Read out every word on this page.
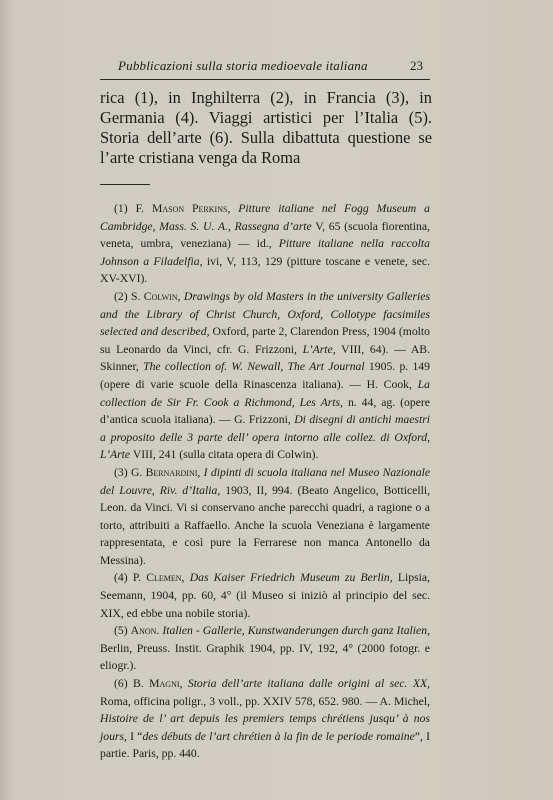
Pubblicazioni sulla storia medioevale italiana	23

rica (1), in Inghilterra (2), in Francia (3), in Germania (4). Viaggi artistici per l’Italia (5). Storia dell’arte (6). Sulla dibattuta questione se l’arte cristiana venga da Roma

(1) F. Mason Perkins, Pitture italiane nel Fogg Museum a Cambridge, Mass. S. U. A., Rassegna d’arte V, 65 (scuola fiorentina, veneta, umbra, veneziana) — id., Pitture italiane nella raccolta Johnson a Filadelfia, ivi, V, 113, 129 (pitture toscane e venete, sec. XV-XVI).

(2) S. Colwin, Drawings by old Masters in the university Galleries and the Library of Christ Church, Oxford, Collotype facsimiles selected and described, Oxford, parte 2, Clarendon Press, 1904 (molto su Leonardo da Vinci, cfr. G. Frizzoni, L’Arte, VIII, 64). — AB. Skinner, The collection of. W. Newall, The Art Journal 1905. p. 149 (opere di varie scuole della Rinascenza italiana). — H. Cook, La collection de Sir Fr. Cook a Richmond, Les Arts, n. 44, ag. (opere d’antica scuola italiana). — G. Frizzoni, Di disegni di antichi maestri a proposito delle 3 parte dell’ opera intorno alle collez. di Oxford, L’Arte VIII, 241 (sulla citata opera di Colwin).

(3) G. Bernardini, I dipinti di scuola italiana nel Museo Nazionale del Louvre, Riv. d’Italia, 1903, II, 994. (Beato Angelico, Botticelli, Leon. da Vinci. Vi si conservano anche parecchi quadri, a ragione o a torto, attribuiti a Raffaello. Anche la scuola Veneziana è largamente rappresentata, e così pure la Ferrarese non manca Antonello da Messina).

(4) P. Clemen, Das Kaiser Friedrich Museum zu Berlin, Lipsia, Seemann, 1904, pp. 60, 4° (il Museo si iniziò al principio del sec. XIX, ed ebbe una nobile storia).

(5) Anon. Italien - Gallerie, Kunstwanderungen durch ganz Italien, Berlin, Preuss. Instit. Graphik 1904, pp. IV, 192, 4° (2000 fotogr. e eliogr.).

(6) B. Magni, Storia dell’arte italiana dalle origini al sec. XX, Roma, officina poligr., 3 voll., pp. XXIV 578, 652. 980. — A. Michel, Histoire de l’ art depuis les premiers temps chrétiens jusqu’ à nos jours, I “des débuts de l’art chrétien à la fin de le periode romaine”, I partie. Paris, pp. 440.
